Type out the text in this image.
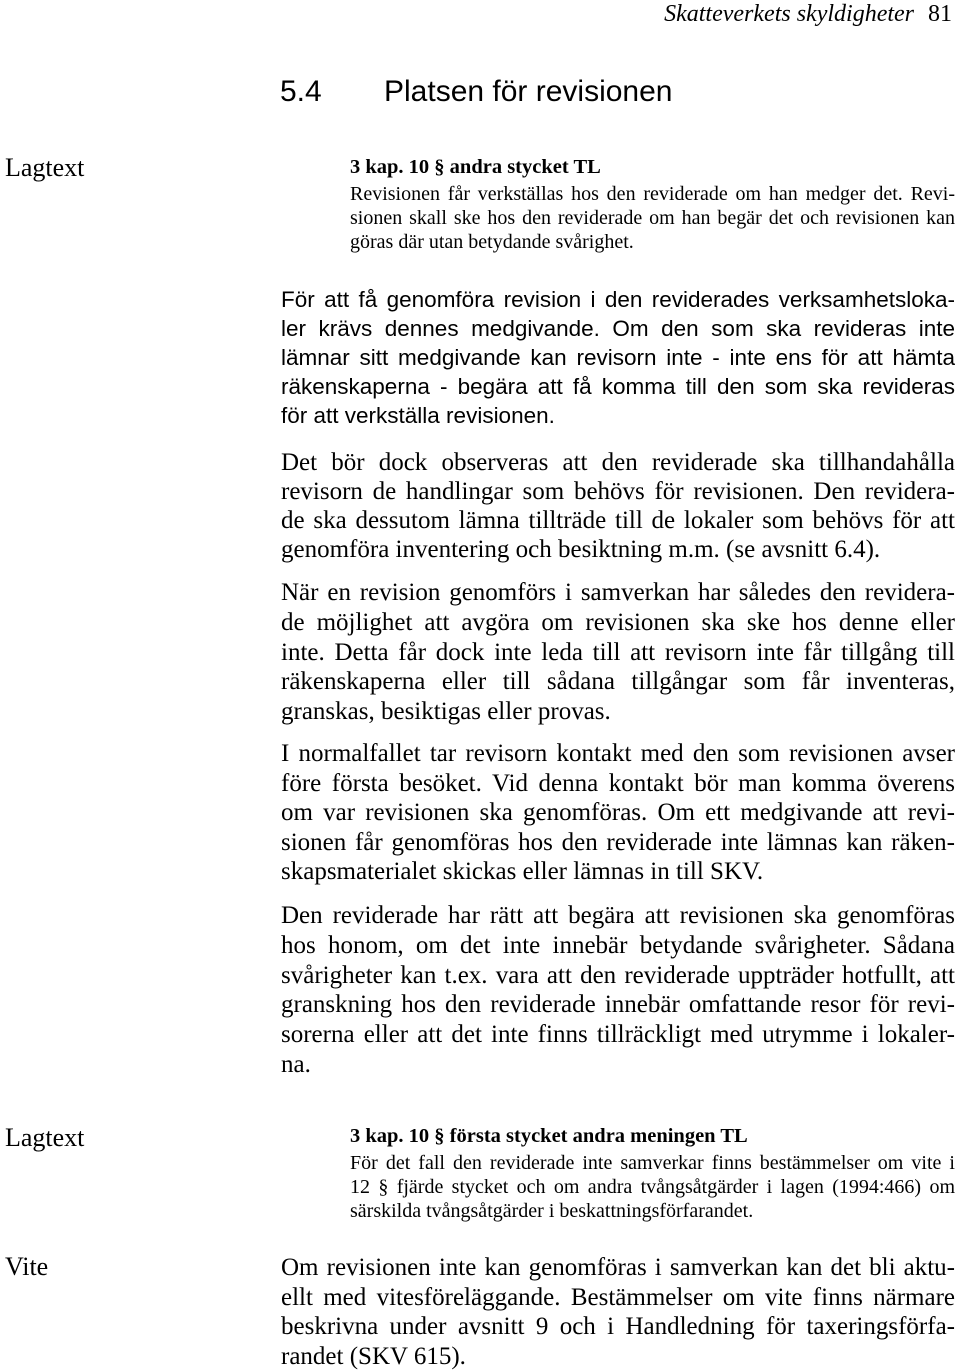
Skatteverkets skyldigheter 81
5.4 Platsen för revisionen
Lagtext	3 kap. 10 § andra stycket TL
Revisionen får verkställas hos den reviderade om han medger det. Revi-
sionen skall ske hos den reviderade om han begär det och revisionen kan
göras där utan betydande svårighet.
För att få genomföra revision i den reviderades verksamhetsloka-
ler krävs dennes medgivande. Om den som ska revideras inte
lämnar sitt medgivande kan revisorn inte - inte ens för att hämta
räkenskaperna - begära att få komma till den som ska revideras
för att verkställa revisionen.
Det bör dock observeras att den reviderade ska tillhandahålla
revisorn de handlingar som behövs för revisionen. Den revidera-
de ska dessutom lämna tillträde till de lokaler som behövs för att
genomföra inventering och besiktning m.m. (se avsnitt 6.4).
När en revision genomförs i samverkan har således den revidera-
de möjlighet att avgöra om revisionen ska ske hos denne eller
inte. Detta får dock inte leda till att revisorn inte får tillgång till
räkenskaperna eller till sådana tillgångar som får inventeras,
granskas, besiktigas eller provas.
I normalfallet tar revisorn kontakt med den som revisionen avser
före första besöket. Vid denna kontakt bör man komma överens
om var revisionen ska genomföras. Om ett medgivande att revi-
sionen får genomföras hos den reviderade inte lämnas kan räken-
skapsmaterialet skickas eller lämnas in till SKV.
Den reviderade har rätt att begära att revisionen ska genomföras
hos honom, om det inte innebär betydande svårigheter. Sådana
svårigheter kan t.ex. vara att den reviderade uppträder hotfullt, att
granskning hos den reviderade innebär omfattande resor för revi-
sorerna eller att det inte finns tillräckligt med utrymme i lokaler-
na.
Lagtext	3 kap. 10 § första stycket andra meningen TL
För det fall den reviderade inte samverkar finns bestämmelser om vite i
12 § fjärde stycket och om andra tvångsåtgärder i lagen (1994:466) om
särskilda tvångsåtgärder i beskattningsförfarandet.
Vite	Om revisionen inte kan genomföras i samverkan kan det bli aktu-
ellt med vitesföreläggande. Bestämmelser om vite finns närmare
beskrivna under avsnitt 9 och i Handledning för taxeringsförfa-
randet (SKV 615).
